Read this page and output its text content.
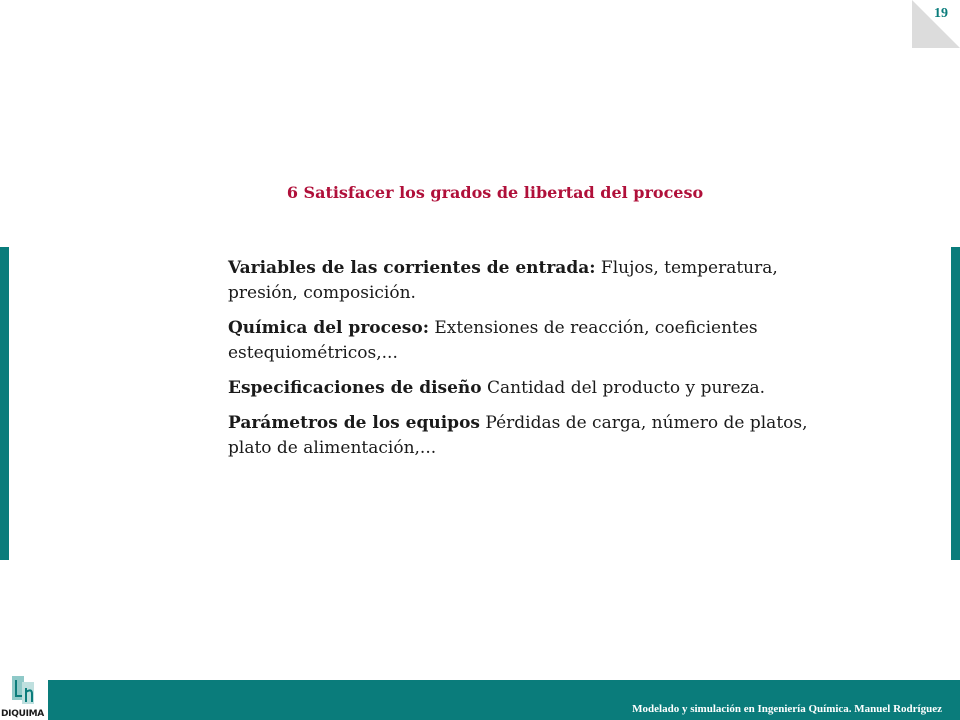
19
6 Satisfacer los grados de libertad del proceso

Variables de las corrientes de entrada: Flujos, temperatura, presión, composición.

Química del proceso: Extensiones de reacción, coeficientes estequiométricos,...

Especificaciones de diseño Cantidad del producto y pureza.

Parámetros de los equipos Pérdidas de carga, número de platos, plato de alimentación,...

DIQUIMA	Modelado y simulación en Ingeniería Química. Manuel Rodríguez
